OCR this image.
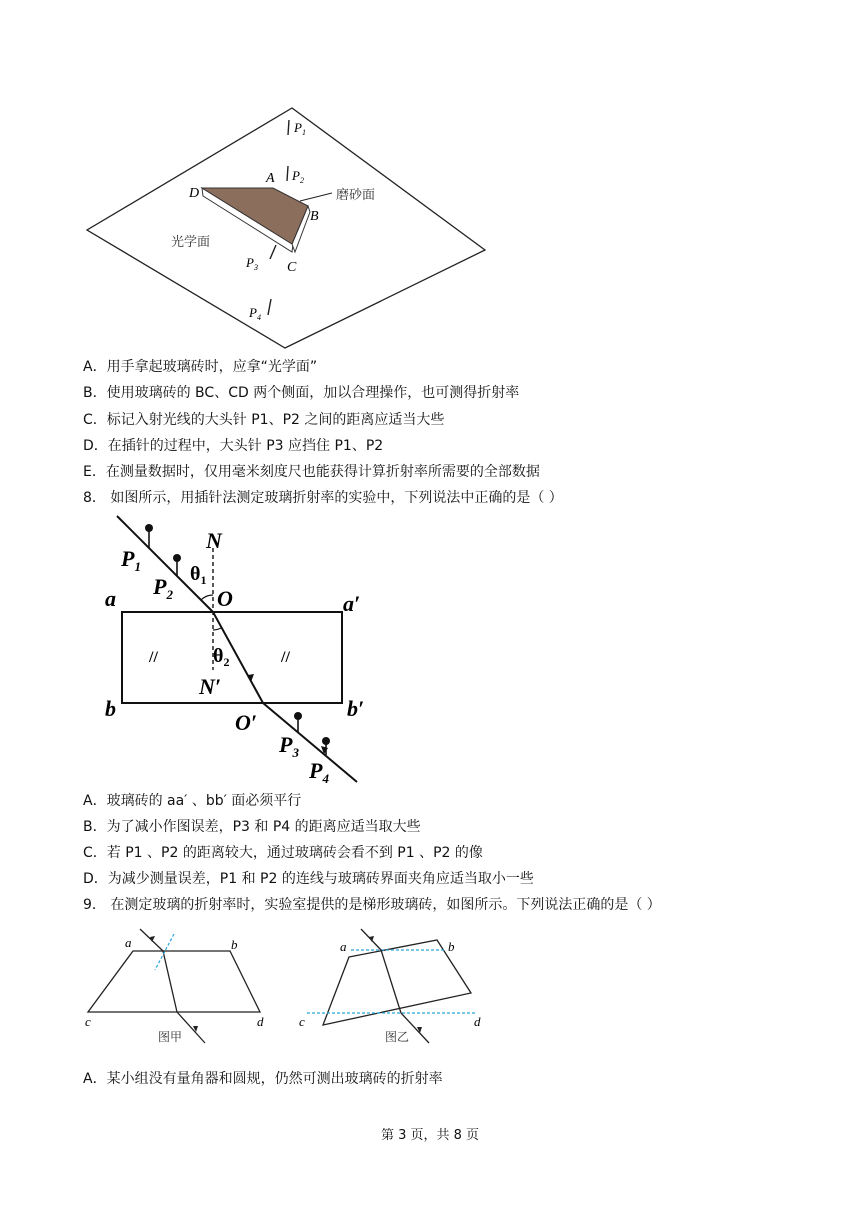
$P_1$
$P_2$
$P_3$
$P_4$
A
B
C
D	磨砂面
光学面
A．用手拿起玻璃砖时，应拿“光学面”
B．使用玻璃砖的 BC、CD 两个侧面，加以合理操作，也可测得折射率
C．标记入射光线的大头针 P1、P2 之间的距离应适当大些
D．在插针的过程中，大头针 P3 应挡住 P1、P2
E．在测量数据时，仅用毫米刻度尺也能获得计算折射率所需要的全部数据
8． 如图所示，用插针法测定玻璃折射率的实验中，下列说法中正确的是（ ）
//	//
N
N′
O
O′
a	a′
b	b′
$P_1$
$P_2$
$P_3$
$P_4$
$\theta_1$
$\theta_2$
A．玻璃砖的 aa′ 、bb′ 面必须平行
B．为了减小作图误差，P3 和 P4 的距离应适当取大些
C．若 P1 、P2 的距离较大，通过玻璃砖会看不到 P1 、P2 的像
D．为减少测量误差，P1 和 P2 的连线与玻璃砖界面夹角应适当取小一些
9． 在测定玻璃的折射率时，实验室提供的是梯形玻璃砖，如图所示。下列说法正确的是（ ）
a	b
c	d
图甲
a	b
c	d
图乙
A．某小组没有量角器和圆规，仍然可测出玻璃砖的折射率
第 3 页，共 8 页
